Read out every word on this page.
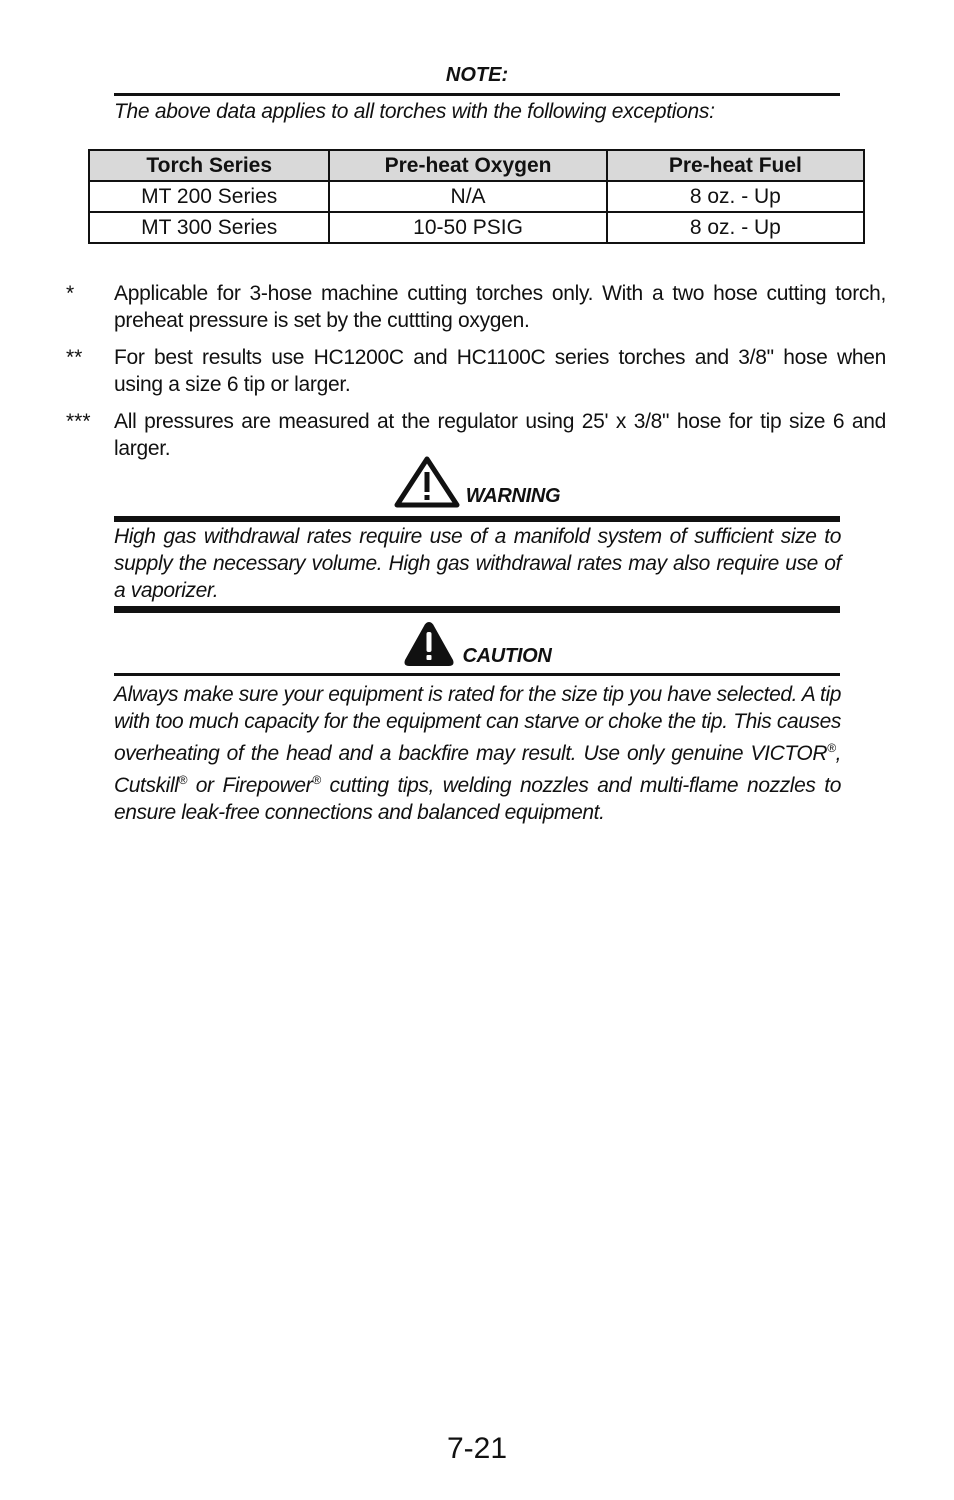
NOTE:
The above data applies to all torches with the following exceptions:
Torch Series	Pre-heat Oxygen	Pre-heat Fuel
MT 200 Series	N/A	8 oz. - Up
MT 300 Series	10-50 PSIG	8 oz. - Up
*	Applicable for 3-hose machine cutting torches only. With a two hose cutting torch, preheat pressure is set by the cuttting oxygen.
**	For best results use HC1200C and HC1100C series torches and 3/8" hose when using a size 6 tip or larger.
***	All pressures are measured at the regulator using 25' x 3/8" hose for tip size 6 and larger.
WARNING
High gas withdrawal rates require use of a manifold system of sufficient size to supply the necessary volume. High gas withdrawal rates may also require use of a vaporizer.
CAUTION
Always make sure your equipment is rated for the size tip you have selected. A tip with too much capacity for the equipment can starve or choke the tip. This causes overheating of the head and a backfire may result. Use only genuine VICTOR®, Cutskill® or Firepower® cutting tips, welding nozzles and multi-flame nozzles to ensure leak-free connections and balanced equipment.
7-21
